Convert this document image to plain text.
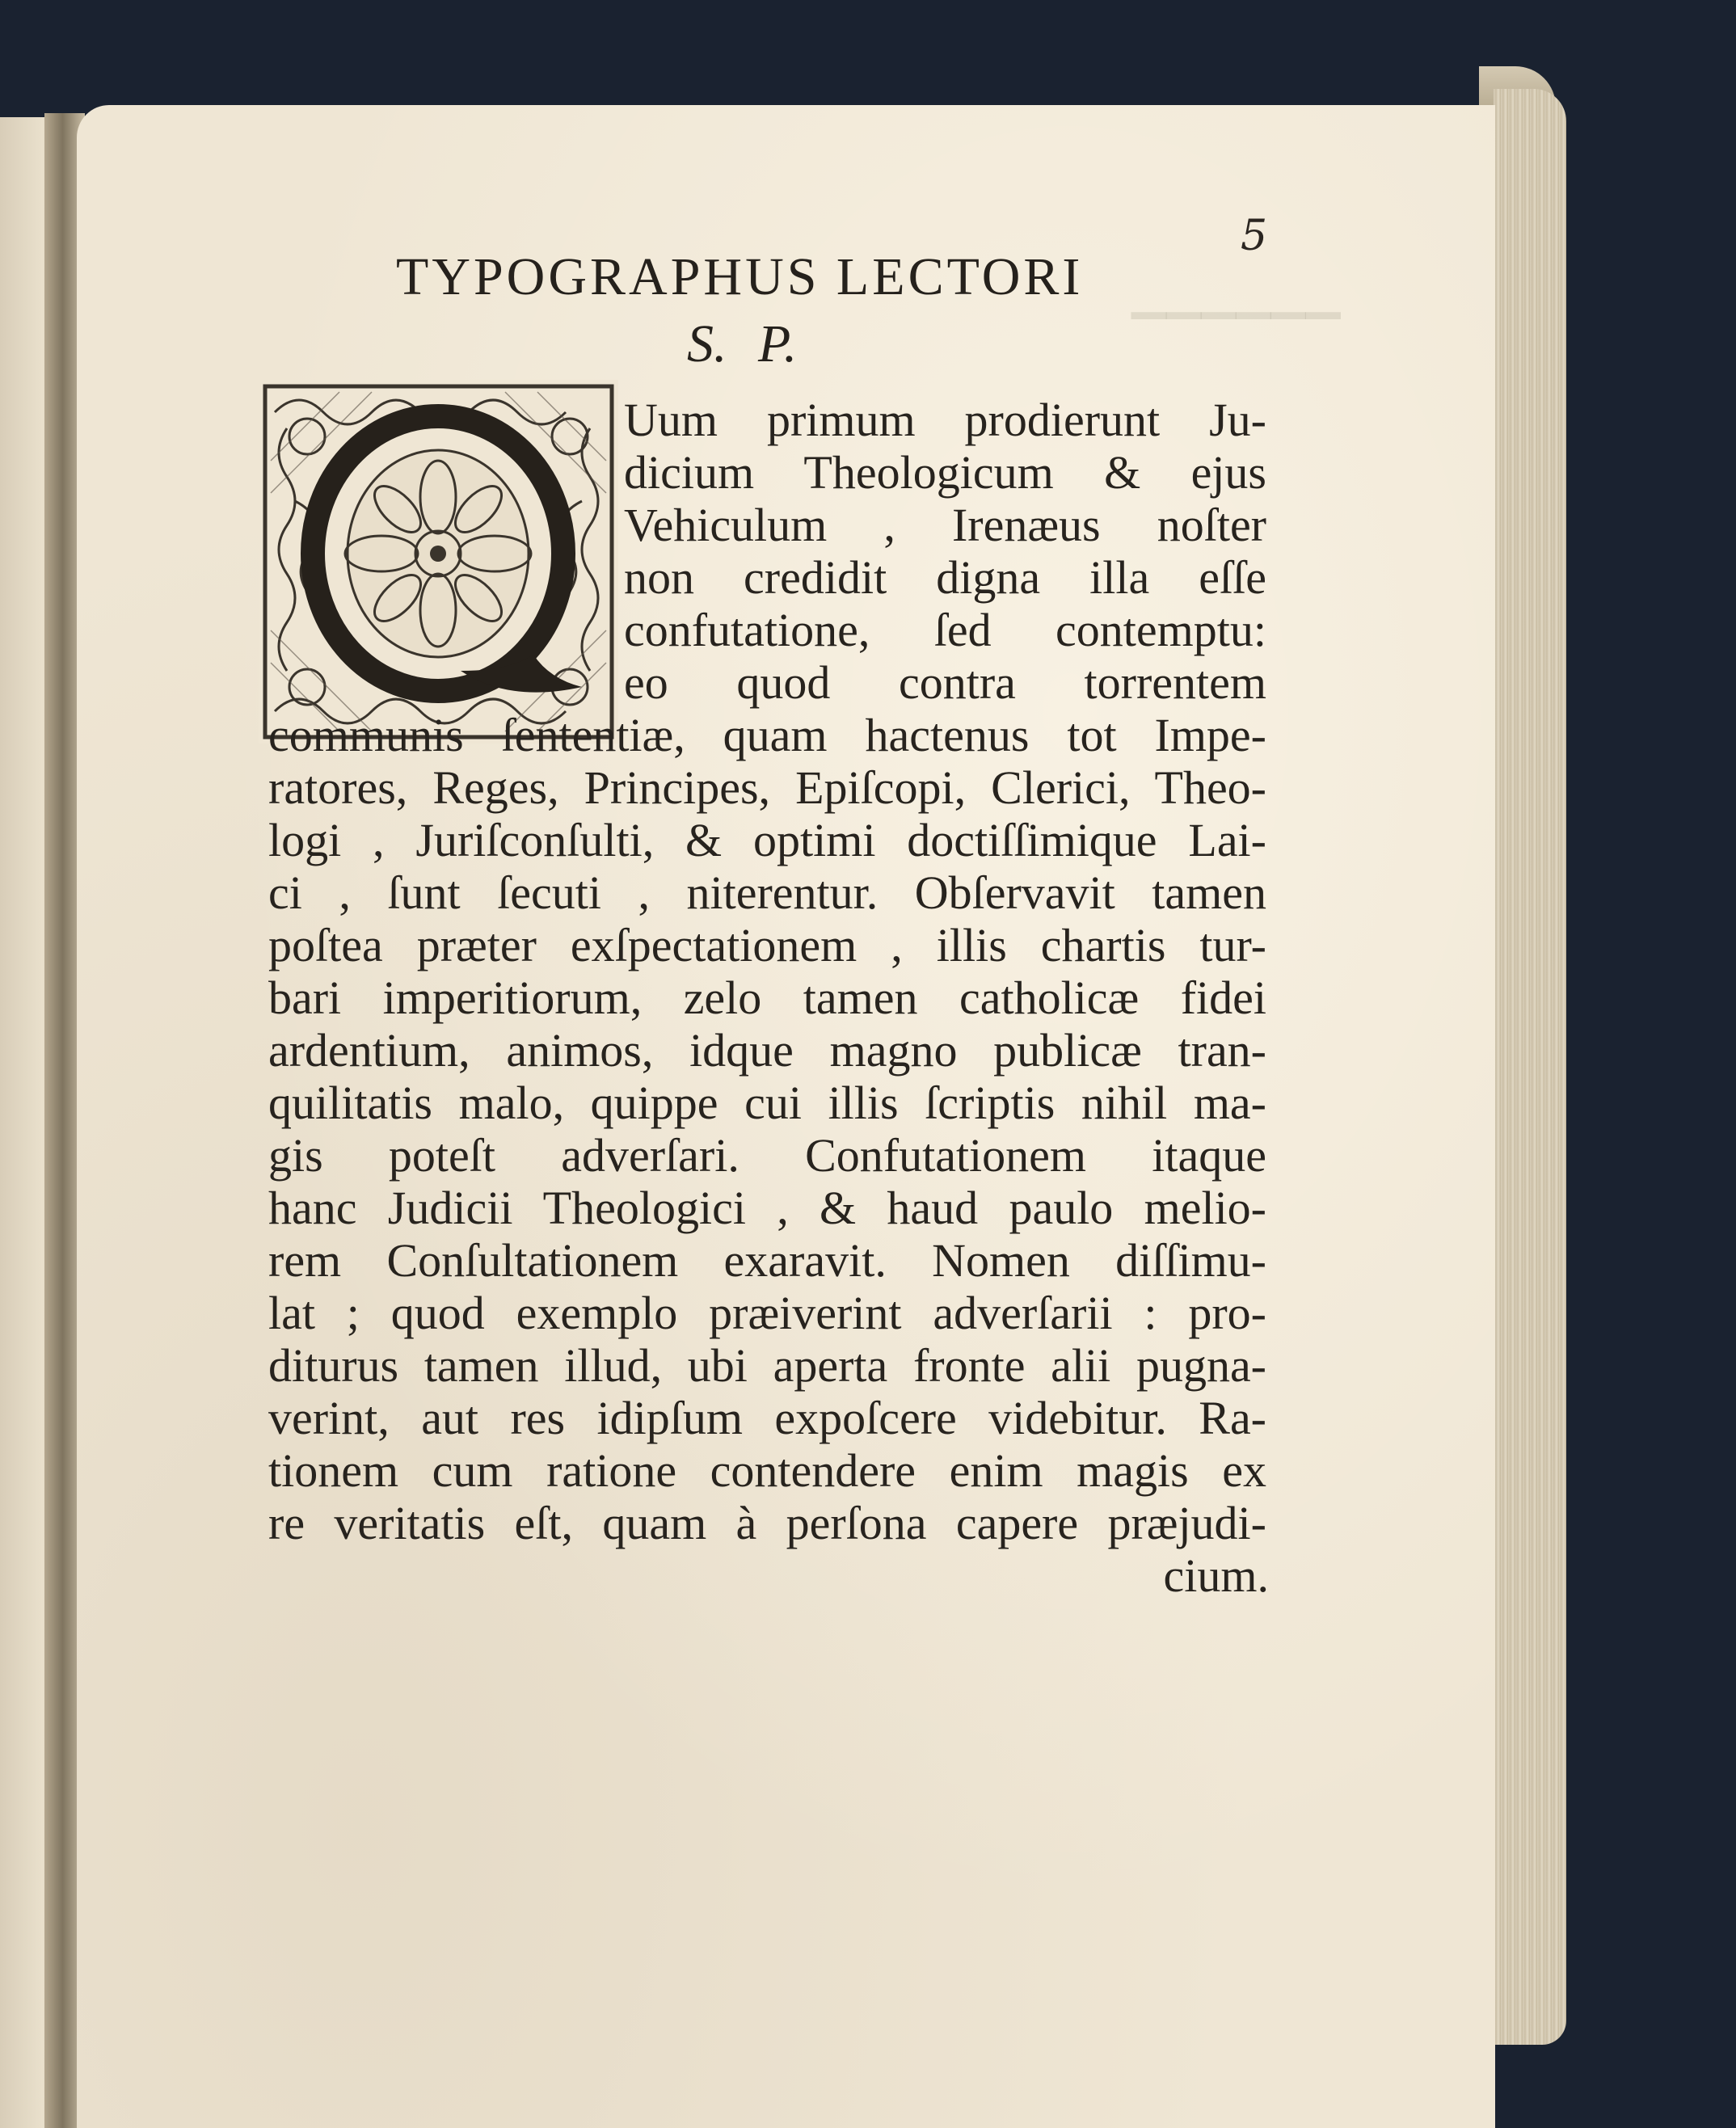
▁▁▁▁▁▁
5
TYPOGRAPHUS LECTORI
S. P.
Uum primum prodierunt Ju-
dicium Theologicum & ejus
Vehiculum , Irenæus noſter
non credidit digna illa eſſe
confutatione, ſed contemptu:
eo quod contra torrentem
communis ſententiæ, quam hactenus tot Impe-
ratores, Reges, Principes, Epiſcopi, Clerici, Theo-
logi , Juriſconſulti, & optimi doctiſſimique Lai-
ci , ſunt ſecuti , niterentur. Obſervavit tamen
poſtea præter exſpectationem , illis chartis tur-
bari imperitiorum, zelo tamen catholicæ fidei
ardentium, animos, idque magno publicæ tran-
quilitatis malo, quippe cui illis ſcriptis nihil ma-
gis poteſt adverſari. Confutationem itaque
hanc Judicii Theologici , & haud paulo melio-
rem Conſultationem exaravit. Nomen diſſimu-
lat ; quod exemplo præiverint adverſarii : pro-
diturus tamen illud, ubi aperta fronte alii pugna-
verint, aut res idipſum expoſcere videbitur. Ra-
tionem cum ratione contendere enim magis ex
re veritatis eſt, quam à perſona capere præjudi-
cium.
